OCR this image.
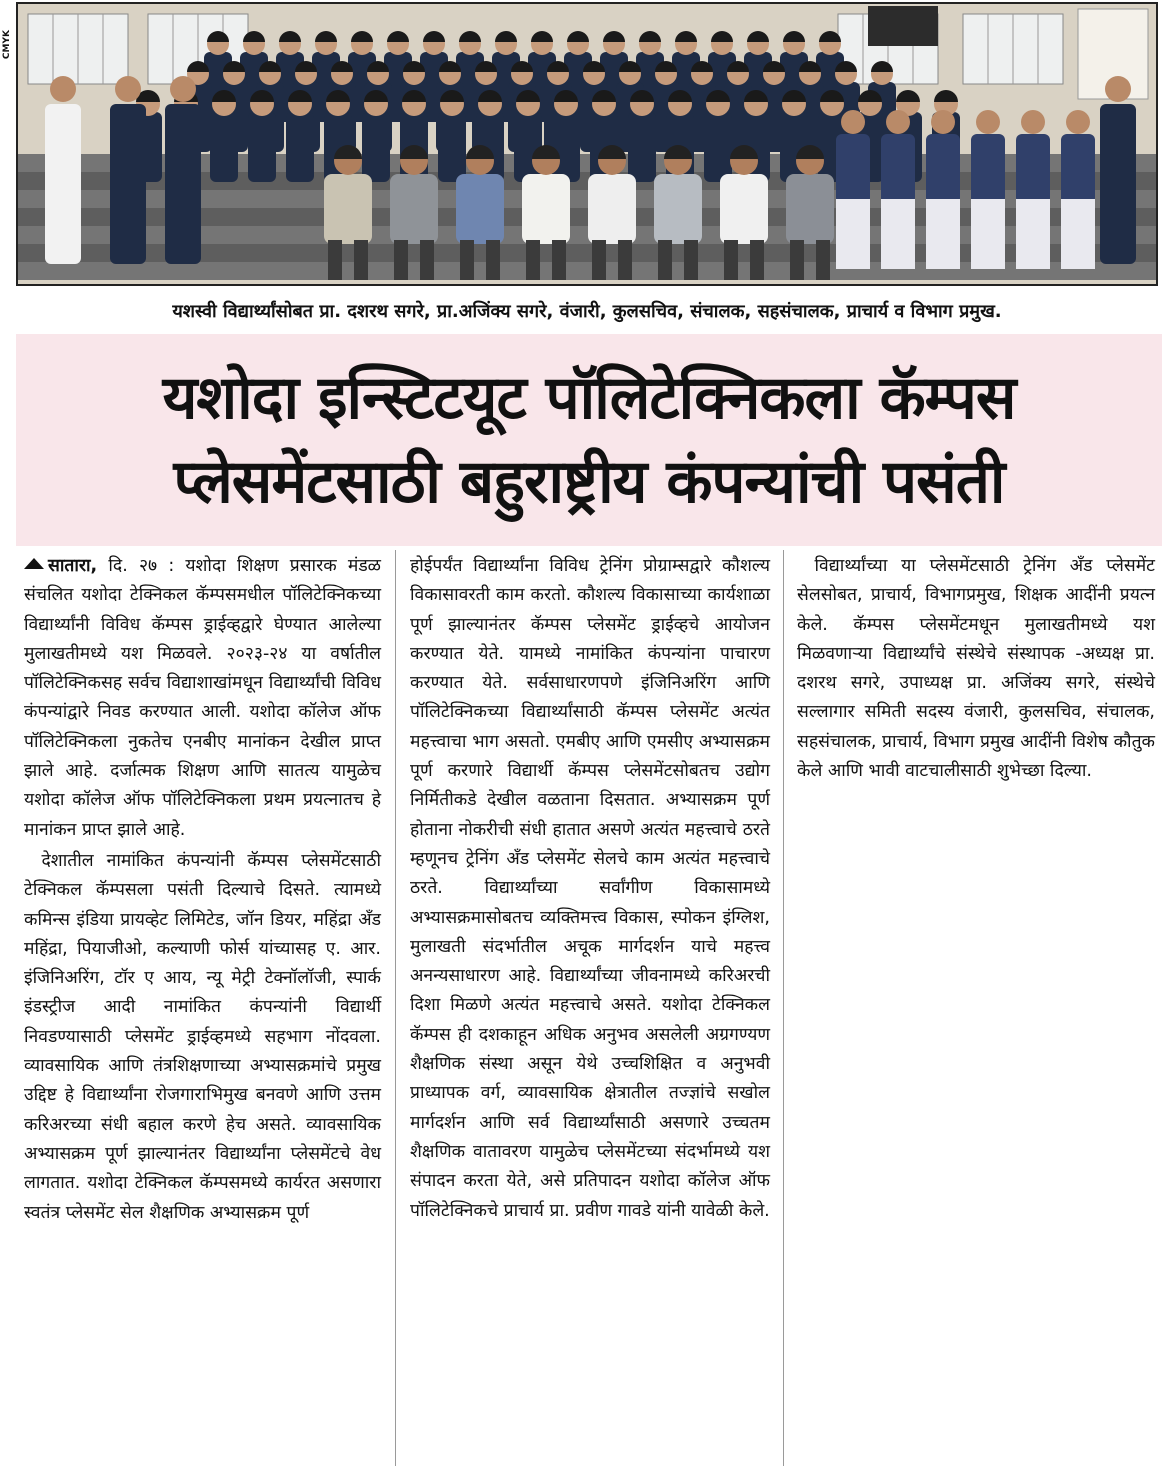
CMYK
यशस्वी विद्यार्थ्यांसोबत प्रा. दशरथ सगरे, प्रा.अजिंक्य सगरे, वंजारी, कुलसचिव, संचालक, सहसंचालक, प्राचार्य व विभाग प्रमुख.
यशोदा इन्स्टिटयूट पॉलिटेक्निकला कॅम्पस
प्लेसमेंटसाठी बहुराष्ट्रीय कंपन्यांची पसंती

सातारा, दि. २७ : यशोदा शिक्षण प्रसारक मंडळ संचलित यशोदा टेक्निकल कॅम्पसमधील पॉलिटेक्निकच्या विद्यार्थ्यांनी विविध कॅम्पस ड्राईव्हद्वारे घेण्यात आलेल्या मुलाखतीमध्ये यश मिळवले. २०२३-२४ या वर्षातील पॉलिटेक्निकसह सर्वच विद्याशाखांमधून विद्यार्थ्यांची विविध कंपन्यांद्वारे निवड करण्यात आली. यशोदा कॉलेज ऑफ पॉलिटेक्निकला नुकतेच एनबीए मानांकन देखील प्राप्त झाले आहे. दर्जात्मक शिक्षण आणि सातत्य यामुळेच यशोदा कॉलेज ऑफ पॉलिटेक्निकला प्रथम प्रयत्नातच हे मानांकन प्राप्त झाले आहे.

 देशातील नामांकित कंपन्यांनी कॅम्पस प्लेसमेंटसाठी टेक्निकल कॅम्पसला पसंती दिल्याचे दिसते. त्यामध्ये कमिन्स इंडिया प्रायव्हेट लिमिटेड, जॉन डियर, महिंद्रा अँड महिंद्रा, पियाजीओ, कल्याणी फोर्स यांच्यासह ए. आर. इंजिनिअरिंग, टॉर ए आय, न्यू मेट्री टेक्नॉलॉजी, स्पार्क इंडस्ट्रीज आदी नामांकित कंपन्यांनी विद्यार्थी निवडण्यासाठी प्लेसमेंट ड्राईव्हमध्ये सहभाग नोंदवला. व्यावसायिक आणि तंत्रशिक्षणाच्या अभ्यासक्रमांचे प्रमुख उद्दिष्ट हे विद्यार्थ्यांना रोजगाराभिमुख बनवणे आणि उत्तम करिअरच्या संधी बहाल करणे हेच असते. व्यावसायिक अभ्यासक्रम पूर्ण झाल्यानंतर विद्यार्थ्यांना प्लेसमेंटचे वेध लागतात. यशोदा टेक्निकल कॅम्पसमध्ये कार्यरत असणारा स्वतंत्र प्लेसमेंट सेल शैक्षणिक अभ्यासक्रम पूर्ण

होईपर्यंत विद्यार्थ्यांना विविध ट्रेनिंग प्रोग्राम्सद्वारे कौशल्य विकासावरती काम करतो. कौशल्य विकासाच्या कार्यशाळा पूर्ण झाल्यानंतर कॅम्पस प्लेसमेंट ड्राईव्हचे आयोजन करण्यात येते. यामध्ये नामांकित कंपन्यांना पाचारण करण्यात येते. सर्वसाधारणपणे इंजिनिअरिंग आणि पॉलिटेक्निकच्या विद्यार्थ्यांसाठी कॅम्पस प्लेसमेंट अत्यंत महत्त्वाचा भाग असतो. एमबीए आणि एमसीए अभ्यासक्रम पूर्ण करणारे विद्यार्थी कॅम्पस प्लेसमेंटसोबतच उद्योग निर्मितीकडे देखील वळताना दिसतात. अभ्यासक्रम पूर्ण होताना नोकरीची संधी हातात असणे अत्यंत महत्त्वाचे ठरते म्हणूनच ट्रेनिंग अँड प्लेसमेंट सेलचे काम अत्यंत महत्त्वाचे ठरते. विद्यार्थ्यांच्या सर्वांगीण विकासामध्ये अभ्यासक्रमासोबतच व्यक्तिमत्त्व विकास, स्पोकन इंग्लिश, मुलाखती संदर्भातील अचूक मार्गदर्शन याचे महत्त्व अनन्यसाधारण आहे. विद्यार्थ्यांच्या जीवनामध्ये करिअरची दिशा मिळणे अत्यंत महत्त्वाचे असते. यशोदा टेक्निकल कॅम्पस ही दशकाहून अधिक अनुभव असलेली अग्रगण्यण शैक्षणिक संस्था असून येथे उच्चशिक्षित व अनुभवी प्राध्यापक वर्ग, व्यावसायिक क्षेत्रातील तज्ज्ञांचे सखोल मार्गदर्शन आणि सर्व विद्यार्थ्यांसाठी असणारे उच्चतम शैक्षणिक वातावरण यामुळेच प्लेसमेंटच्या संदर्भामध्ये यश संपादन करता येते, असे प्रतिपादन यशोदा कॉलेज ऑफ पॉलिटेक्निकचे प्राचार्य प्रा. प्रवीण गावडे यांनी यावेळी केले.

 विद्यार्थ्यांच्या या प्लेसमेंटसाठी ट्रेनिंग अँड प्लेसमेंट सेलसोबत, प्राचार्य, विभागप्रमुख, शिक्षक आदींनी प्रयत्न केले. कॅम्पस प्लेसमेंटमधून मुलाखतीमध्ये यश मिळवणाऱ्या विद्यार्थ्यांचे संस्थेचे संस्थापक -अध्यक्ष प्रा. दशरथ सगरे, उपाध्यक्ष प्रा. अजिंक्य सगरे, संस्थेचे सल्लागार समिती सदस्य वंजारी, कुलसचिव, संचालक, सहसंचालक, प्राचार्य, विभाग प्रमुख आदींनी विशेष कौतुक केले आणि भावी वाटचालीसाठी शुभेच्छा दिल्या.
